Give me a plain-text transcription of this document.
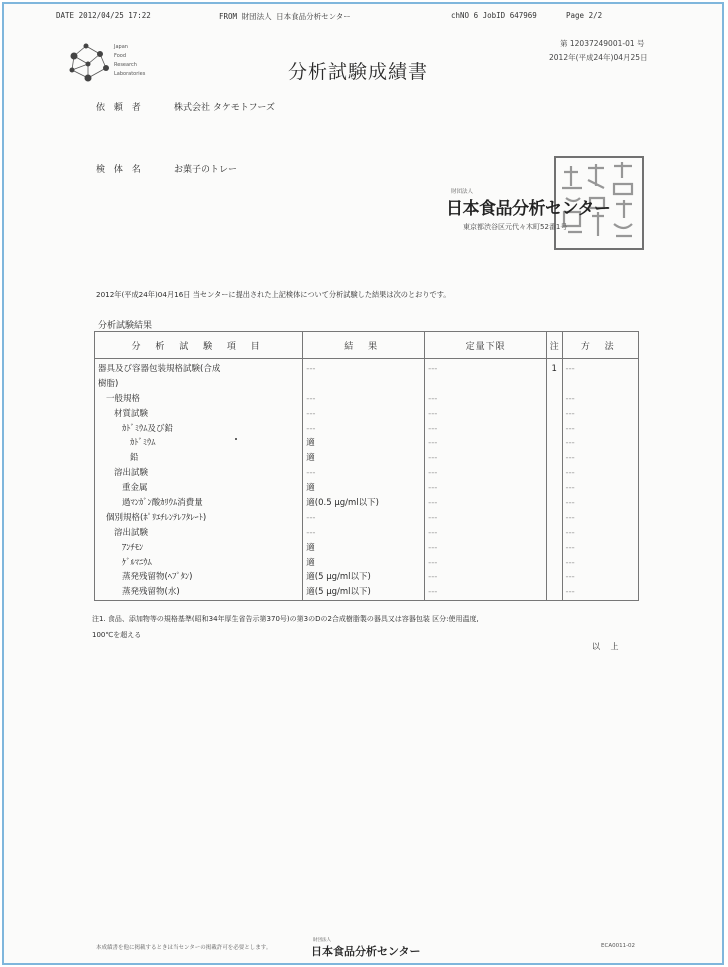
DATE 2012/04/25 17:22	FROM 財団法人 日本食品分析センター	chNO 6 JobID 647969	Page 2/2
Japan
Food
Research
Laboratories	分析試験成績書
第 12037249001-01 号
2012年(平成24年)04月25日
依 頼 者	株式会社 タケモトフーズ
検 体 名	お菓子のトレー
財団法人
日本食品分析センター
東京都渋谷区元代々木町52番1号
2012年(平成24年)04月16日 当センターに提出された上記検体について分析試験した結果は次のとおりです。
分析試験結果
分 析 試 験 項 目	結 果	定量下限	注	方 法
器具及び容器包装規格試験(合成	---	---	1	---
樹脂)				
一般規格	---	---		---
材質試験	---	---		---
ｶﾄﾞﾐｳﾑ及び鉛	---	---		---
ｶﾄﾞﾐｳﾑ	適	---		---
鉛	適	---		---
溶出試験	---	---		---
重金属	適	---		---
過ﾏﾝｶﾞﾝ酸ｶﾘｳﾑ消費量	適(0.5 μg/ml以下)	---		---
個別規格(ﾎﾟﾘｴﾁﾚﾝﾃﾚﾌﾀﾚｰﾄ)	---	---		---
溶出試験	---	---		---
ｱﾝﾁﾓﾝ	適	---		---
ｹﾞﾙﾏﾆｳﾑ	適	---		---
蒸発残留物(ﾍﾌﾟﾀﾝ)	適(5 μg/ml以下)	---		---
蒸発残留物(水)	適(5 μg/ml以下)	---		---
注1. 食品、添加物等の規格基準(昭和34年厚生省告示第370号)の第3のDの2合成樹脂製の器具又は容器包装 区分:使用温度,
100℃を超える
以 上
本成績書を他に掲載するときは当センターの掲載許可を必要とします。
財団法人
日本食品分析センター	ECA0011-02
